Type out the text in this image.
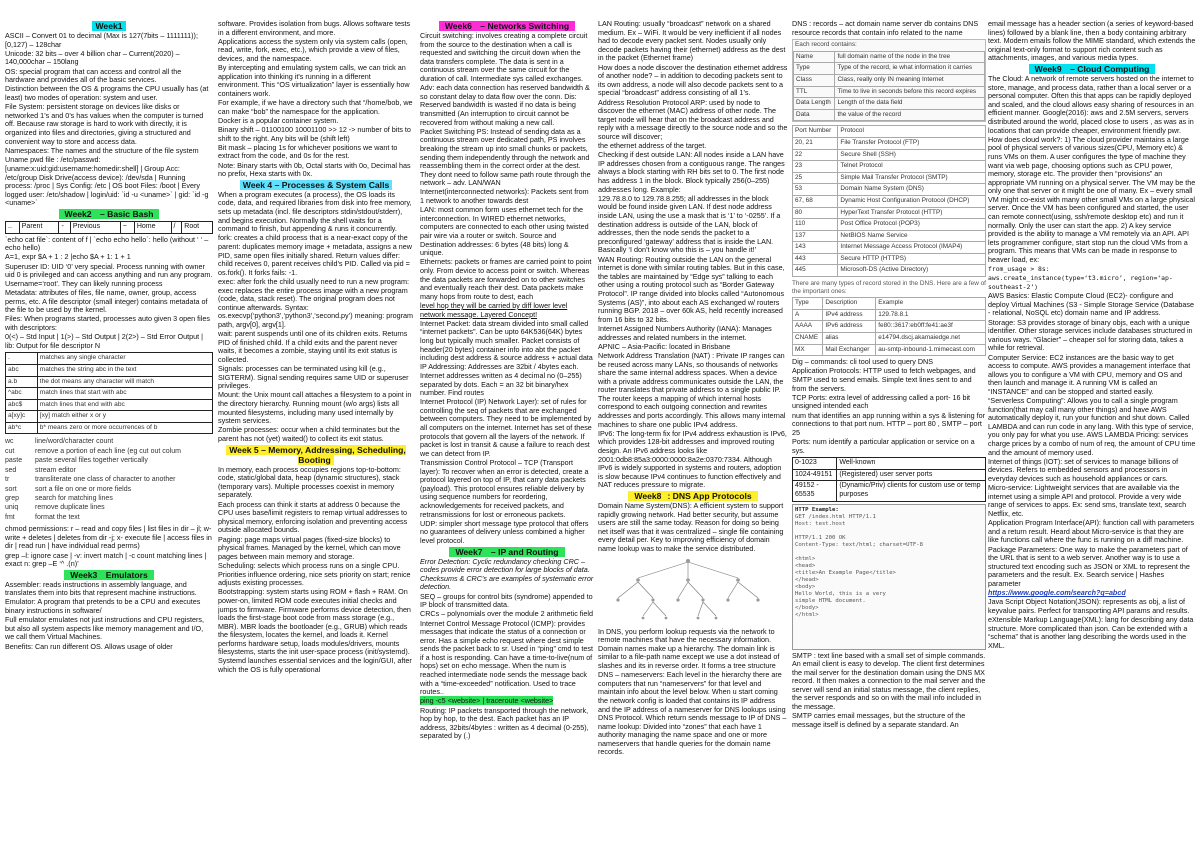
Week1

ASCII – Convert 01 to decimal (Max is 127(7bits – 1111111)); [0,127) – 128char

Unicode: 32 bits – over 4 billion char – Current(2020) – 140,000char – 150lang

OS: special program that can access and control all the hardware and provides all of the basic services.

Distinction between the OS & programs the CPU usually has (at least) two modes of operation: system and user.

File System: persistent storage on devices like disks or networked 1’s and 0’s has values when the computer is turned off. Because raw storage is hard to work with directly, it is organized into files and directories, giving a structured and convenient way to store and access data.

Namespaces: The names and the structure of the file system

Uname pwd file : /etc/passwd:

[uname:x:uid:gid:username:homedir:shell] | Group Acc: /etc/group Disk Drive(access device): /dev/sda | Running process: /proc | Sys Config: /etc | OS boot Files: /boot | Every logged user: /etc/shadow | login/uid: `id -u <uname>` | gid: `id -g <uname>`

Week2 – Basic Bash
..	Parent	-	Previous	~	Home	/	Root

`echo cat file`: content of f | `echo echo hello`: hello (without ‘ ‘ – echo hello)

A=1, expr $A + 1 : 2 |echo $A + 1: 1 + 1

Superuser ID: UID ‘0’ very special. Process running with owner uid 0 is privileged and can access anything and run any program. Username=‘root’. They can likely running process

Metadata: attributes of files, file name, owner, group, access perms, etc. A file descriptor (small integer) contains metadata of the file to be used by the kernel.

Files: When programs started, processes auto given 3 open files with descriptors:

0(<) – Std Input | 1(>) – Std Output | 2(2>) – Std Error Output | lib: Output for file descriptor N

.	matches any single character
abc	matches the string abc in the text
a.b	the dot means any character will match
^abc	match lines that start with abc
abc$	match lines that end with abc
a[xy]c	[xy] match either x or y
ab*c	b* means zero or more occurrences of b
wc	line/word/character count
cut	remove a portion of each line (eg cut out colum
paste	paste several files together vertically
sed	stream editor
tr	transliterate one class of character to another
sort	sort a file on one or more fields
grep	search for matching lines
uniq	remove duplicate lines
fmt	format the text

chmod permissions: r – read and copy files | list files in dir – jl; w- write + deletes | deletes from dir -j; x- execute file | access files in dir | read run | have individual read perms)

grep –l: ignore case | -v: invert match | -c count matching lines | exact n: grep –E ‘^ .(n)’

Week3 Emulators

Assembler: reads instructions in assembly language, and translates them into bits that represent machine instructions.

Emulator: A program that pretends to be a CPU and executes binary instructions in software/

Full emulator emulates not just instructions and CPU registers, but also all system aspects like memory management and I/O, we call them Virtual Machines.

Benefits: Can run different OS. Allows usage of older

software. Provides isolation from bugs. Allows software tests in a different environment, and more.

Applications access the system only via system calls (open, read, write, fork, exec, etc.), which provide a view of files, devices, and the namespace.

By intercepting and emulating system calls, we can trick an application into thinking it’s running in a different environment. This “OS virtualization” layer is essentially how containers work.

For example, if we have a directory such that “/home/bob, we can make “bob” the namespace for the application.

Docker is a popular container system.

Binary shift – 01100100 10001100 >> 12 -> number of bits to shift to the right. Any bits will be (shift left)

Bit mask – placing 1s for whichever positions we want to extract from the code, and 0s for the rest.

Note: Binary starts with 0b, Octal starts with 0o, Decimal has no prefix, Hexa starts with 0x.

Week 4 – Processes & System Calls

When a program executes (a process), the OS loads its code, data, and required libraries from disk into free memory, sets up metadata (incl. file descriptors stdin/stdout/stderr), and begins execution. Normally the shell waits for a command to finish, but appending & runs it concurrently.

fork: creates a child process that is a near-exact copy of the parent: duplicates memory image + metadata, assigns a new PID, same open files initially shared. Return values differ: child receives 0, parent receives child’s PID. Called via pid = os.fork(). It forks fails: -1.

exec: after fork the child usually need to run a new program: exec replaces the entire process image with a new program (code, data, stack reset). The original program does not continue afterwards. Syntax: os.execvp(‘python3’,‘python3’,‘second.py’) meaning: program path, argv[0], argv[1].

wait: parent suspends until one of its children exits. Returns PID of finished child. If a child exits and the parent never waits, it becomes a zombie, staying until its exit status is collected.

Signals: processes can be terminated using kill (e.g., SIGTERM). Signal sending requires same UID or superuser privileges.

Mount: the Unix mount call attaches a filesystem to a point in the directory hierarchy. Running mount (w/o args) lists all mounted filesystems, including many used internally by system services.

Zombie processes: occur when a child terminates but the parent has not (yet) waited() to collect its exit status.

Week 5 – Memory, Addressing, Scheduling, Booting

In memory, each process occupies regions top-to-bottom: code, static/global data, heap (dynamic structures), stack (temporary vars). Multiple processes coexist in memory separately.

Each process can think it starts at address 0 because the CPU uses base/limit registers to remap virtual addresses to physical memory, enforcing isolation and preventing access outside allocated bounds.

Paging: page maps virtual pages (fixed-size blocks) to physical frames. Managed by the kernel, which can move pages between main memory and storage.

Scheduling: selects which process runs on a single CPU. Priorities influence ordering, nice sets priority on start; renice adjusts existing processes.

Bootstrapping: system starts using ROM + flash + RAM. On power-on, limited ROM code executes initial checks and jumps to firmware. Firmware performs device detection, then loads the first-stage boot code from mass storage (e.g., MBR). MBR loads the bootloader (e.g., GRUB) which reads the filesystem, locates the kernel, and loads it. Kernel performs hardware setup, loads modules/drivers, mounts filesystems, starts the init user-space process (init/systemd). Systemd launches essential services and the login/GUI, after which the OS is fully operational

Week6 – Networks Switching

Circuit switching: involves creating a complete circuit from the source to the destination when a call is requested and switching the circuit down when the data transfers complete. The data is sent in a continuous stream over the same circuit for the duration of call. Intermediate sys called exchanges.

Adv: each data connection has reserved bandwidth & so constant delay to data flow over the conn. Dis: Reserved bandwidth is wasted if no data is being transmitted (An interruption to circuit cannot be recovered from without making a new call.

Packet Switching PS: Instead of sending data as a continuous stream over dedicated path, PS involves breaking the stream up into small chunks or packets, sending them independently through the network and reassembling them in the correct order at the dest. They dont need to follow same path route through the network – adv. LAN/WAN

Internet(interconnected networks): Packets sent from 1 network to another towards dest

LAN: most common form uses ethernet tech for the interconnection. In WIRED ethernet networks, computers are connected to each other using twisted pair wire via a router or switch. Source and Destination addresses: 6 bytes (48 bits) long & unique.

Ethernets: packets or frames are carried point to point only. From device to access point or switch. Whereas the data packets are forwarded on to other switches and eventually reach their dest. Data packets make many hops from route to dest, each

level hop they will be carried by diff lower level network message. Layered Concept!

Internet Packet: data stream divided into small called “internet packets”. Can be upto 64K536(64K) bytes long but typically much smaller. Packet consists of header(20 bytes) container info into abt the packet including dest address & source address + actual data

IP Addressing: Addresses are 32bit / 4bytes each. Internet addresses written as 4 decimal no (0–255) separated by dots. Each = an 32 bit binary/hex number. Find routes

Internet Protocol (IP) Network Layer): set of rules for controlling the seq of packets that are exchanged between computers. They need to be implemented by all computers on the internet. Internet has set of these protocols that govern all the layers of the network. If packet is lost in transit & cause a failure to reach dest we can detect from IP.

Transmission Control Protocol – TCP (Transport layer): To recover when an error is detected, create a protocol layered on top of IP, that carry data packets (payload). This protocol ensures reliable delivery by using sequence numbers for reordering, acknowledgements for received packets, and retransmissions for lost or erroneous packets.

UDP: simpler short message type protocol that offers no guarantees of delivery unless combined a higher level protocol.

Week7 – IP and Routing

Error Detection: Cyclic redundancy checking CRC – codes provide error detection for large blocks of data. Checksums & CRC’s are examples of systematic error detection.

SEQ – groups for control bits (syndrome) appended to IP block of transmitted data.

CRCs – polynomials over the module 2 arithmetic field

Internet Control Message Protocol (ICMP): provides messages that indicate the status of a connection or error. Has a simple echo request where dest simple sends the packet back to sr. Used in “ping” cmd to test if a host is responding. Can have a time-to-live(num of hops) set on echo message. When the num is reached intermediate node sends the message back with a “time-exceeded” notification. Used to trace routes..

ping -c5 <website> | traceroute <website>

Routing: IP packets transported through the network, hop by hop, to the dest. Each packet has an IP address, 32bits/4bytes : written as 4 decimal (0-255), separated by (.)

LAN Routing: usually “broadcast” network on a shared medium. Ex – WiFi. It would be very inefficient if all nodes had to decode every packet sent. Nodes usually only decode packets having their (ethernet) address as the dest in the packet (Ethernet frame)

How does a node discover the destination ethernet address of another node? – in addition to decoding packets sent to its own address, a node will also decode packets sent to a special “broadcast” address consisting of all 1’s.

Address Resolution Protocol ARP: used by node to discover the ethernet (MAC) address of other node. The target node will hear that on the broadcast address and reply with a message directly to the source node and so the source will discover;

the ethernet address of the target.

Checking if dest outside LAN: All nodes inside a LAN have IP addresses chosen from a contiguous range. The ranges always a block starting with RH bits set to 0. The first node has address 1 in the block. Block typically 256(0–255) addresses long. Example:

129.78.8.0 to 129.78.8.255; all addresses in the block would be found inside given LAN. If dest node address inside LAN, using the use a mask that is ‘1’ to ‘-0255’. If a destination address is outside of the LAN, block of addresses, then the node sends the packet to a preconfigured ‘gateway’ address that is inside the LAN. Basically ‘I don’t know who this is – you handle it!’

WAN Routing: Routing outside the LAN on the general internet is done with similar routing tables. But in this case, the tables are maintained by “Edge sys” talking to each other using a routing protocol such as “Border Gateway Protocol”. IP range divided into blocks called “Autonomous Systems (AS)”, into about each AS exchanged w/ routers running BGP. 2018 – over 60k AS, held recently increased from 16 bits to 32 bits.

Internet Assigned Numbers Authority (IANA): Manages addresses and related numbers in the internet.

APNIC – Asia-Pacific: located in Brisbane

Network Address Translation (NAT) : Private IP ranges can be reused across many LANs, so thousands of networks share the same internal address spaces. When a device with a private address communicates outside the LAN, the router translates that private address to a single public IP. The router keeps a mapping of which internal hosts correspond to each outgoing connection and rewrites addresses and ports accordingly. This allows many internal machines to share one public IPv4 address.

IPv6: The long-term fix for IPv4 address exhaustion is IPv6, which provides 128-bit addresses and improved routing design. An IPv6 address looks like 2001:0db8:85a3:0000:0000:8a2e:0370:7334. Although IPv6 is widely supported in systems and routers, adoption is slow because IPv4 continues to function effectively and NAT reduces pressure to migrate.

Week8 : DNS App Protocols

Domain Name System(DNS): A efficient system to support rapidly growing network. Had better security, but assume users are still the same today. Reason for doing so being net itself was that it was centralized – single file containing every detail per. Key to improving efficiency of domain name lookup was to make the service distributed.

In DNS, you perform lookup requests via the network to remote machines that have the necessary information. Domain names make up a hierarchy. The domain link is similar to a file-path name except we use a dot instead of slashes and its in reverse order. It forms a tree structure

DNS – nameservers: Each level in the hierarchy there are computers that run “nameservers” for that level and maintain info about the level below. When u start coming the network config is loaded that contains its IP address and the IP address of a nameserver for DNS lookups using DNS Protocol. Which return sends message to IP of DNS – name lookup: Divided into “zones” that each have 1 authority managing the name space and one or more nameservers that handle queries for the domain name records.

DNS : records – act domain name server db contains DNS resource records that contain info related to the name

Each record contains:
Name	full domain name of the node in the tree
Type	Type of the record, ie what information it carries
Class	Class, really only IN meaning Internet
TTL	Time to live in seconds before this record expires
Data Length	Length of the data field
Data	the value of the record
Port Number	Protocol
20, 21	File Transfer Protocol (FTP)
22	Secure Shell (SSH)
23	Telnet Protocol
25	Simple Mail Transfer Protocol (SMTP)
53	Domain Name System (DNS)
67, 68	Dynamic Host Configuration Protocol (DHCP)
80	HyperText Transfer Protocol (HTTP)
110	Post Office Protocol (POP3)
137	NetBIOS Name Service
143	Internet Message Access Protocol (IMAP4)
443	Secure HTTP (HTTPS)
445	Microsoft-DS (Active Directory)
There are many types of record stored in the DNS. Here are a few of the important ones:
Type	Description	Example
A	IPv4 address	129.78.8.1
AAAA	IPv6 address	fe80::3617:eb0ff:fe41:ae3f
CNAME	alias	e14794.dscj.akamaiedge.net
MX	Mail Exchanger	au-smtp-inbound-1.mimecast.com

Dig – commands: cli tool used to query DNS

Application Protocols: HTTP used to fetch webpages, and SMTP used to send emails. Simple text lines sent to and from the servers.

TCP Ports: extra level of addressing called a port- 16 bit unsigned intended each

num that identifies an app running within a sys & listening for connections to that port num. HTTP – port 80 , SMTP – port 25

Ports: num identify a particular application or service on a sys.

0-1023	Well-known
1024-49151	(Registered) user server ports
49152 - 65535	(Dynamic/Priv) clients for custom use or temp purposes
HTTP Example:
GET /index.html HTTP/1.1
Host: test.host

HTTP/1.1 200 OK
Content-Type: text/html; charset=UTF-8

<html>
<head>
<title>An Example Page</title>
</head>
<body>
Hello World, this is a very
simple HTML document.
</body>
</html>

SMTP : text line based with a small set of simple commands. An email client is easy to develop. The client first determines the mail server for the destination domain using the DNS MX record. It then makes a connection to the mail server and the server will send an initial status message, the client replies, the server responds and so on with the mail info included in the message.

SMTP carries email messages, but the structure of the message itself is defined by a separate standard. An

email message has a header section (a series of keyword-based lines) followed by a blank line, then a body containing arbitrary text. Modern emails follow the MIME standard, which extends the original text-only format to support rich content such as attachments, images, and various media types.

Week9 – Cloud Computing

The Cloud: A network of remote servers hosted on the internet to store, manage, and process data, rather than a local server or a personal computer. Often this that apps can be rapidly deployed and scaled, and the cloud allows easy sharing of resources in an efficient manner. Google(2016): aws and 2.5M servers, servers distributed around the world, placed close to users , as was as in locations that can provide cheaper, environment friendly pwr.

How does cloud work?: 1) The cloud provider maintains a large pool of physical servers of various sizes(CPU, Memory etc) & runs VMs on them. A user configures the type of machine they want via web page, choosing options such as CPU power, memory, storage etc. The provider then “provisions” an appropriate VM running on a physical server. The VM may be the only one that server or it might be one of many. Ex – every small VM might co-exist with many other small VMs on a large physical server. Once the VM has been configured and started, the user can remote connect(using, ssh/remote desktop etc) and run it normally. Only the user can start the app. 2) A key service provided is the ability to manage a VM remotely via an API. API lets programmer configure, start stop run the cloud VMs from a program. This means that VMs can be made in response to heaver load, ex:

from_usage > 8s:

aws.create_instance(type=‘t3.micro’, region=‘ap-southeast-2’)

AWS Basics: Elastic Compute Cloud (EC2)- configure and deploy Virtual Machines (S3 - Simple Storage Service (Database - relational, NoSQL etc) domain name and IP address.

Storage: S3 provides storage of binary objs, each with a unique identifier. Other storage services include databases structured in various ways. “Glacier” – cheaper sol for storing data, takes a while for retrieval.

Computer Service: EC2 instances are the basic way to get access to compute. AWS provides a management interface that allows you to configure a VM with CPU, memory and OS and then launch and manage it. A running VM is called an “INSTANCE” and can be stopped and started easily.

“Serverless Computing”: Allows you to call a single program function(that may call many other things) and have AWS automatically deploy it, run your function and shut down. Called LAMBDA and can run code in any lang. With this type of service, you only pay for what you use. AWS LAMBDA Pricing: services charge prices by a combo of num of req, the amount of CPU time and the amount of memory used.

Internet of things (IOT): set of services to manage billions of devices. Refers to embedded sensors and processors in everyday devices such as household appliances or cars.

Micro-service: Lightweight services that are available via the internet using a simple API and protocol. Provide a very wide range of services to apps. Ex: send sms, translate text, search Netflix, etc.

Application Program Interface(API): function call with parameters and a return result. Heard about Micro-service is that they are like functions call where the func is running on a diff machine.

Package Parameters: One way to make the parameters part of the URL that is sent to a web server. Another way is to use a structured text encoding such as JSON or XML to represent the parameters and the result. Ex. Search service | Hashes parameter

https://www.google.com/search?q=abcd

Java Script Object Notation(JSON): represents as obj, a list of keyvalue pairs. Perfect for transporting API params and results.

eXtensible Markup Language(XML): lang for describing any data structure. More complicated than json. Can be extended with a “schema” that is another lang describing the words used in the XML.
